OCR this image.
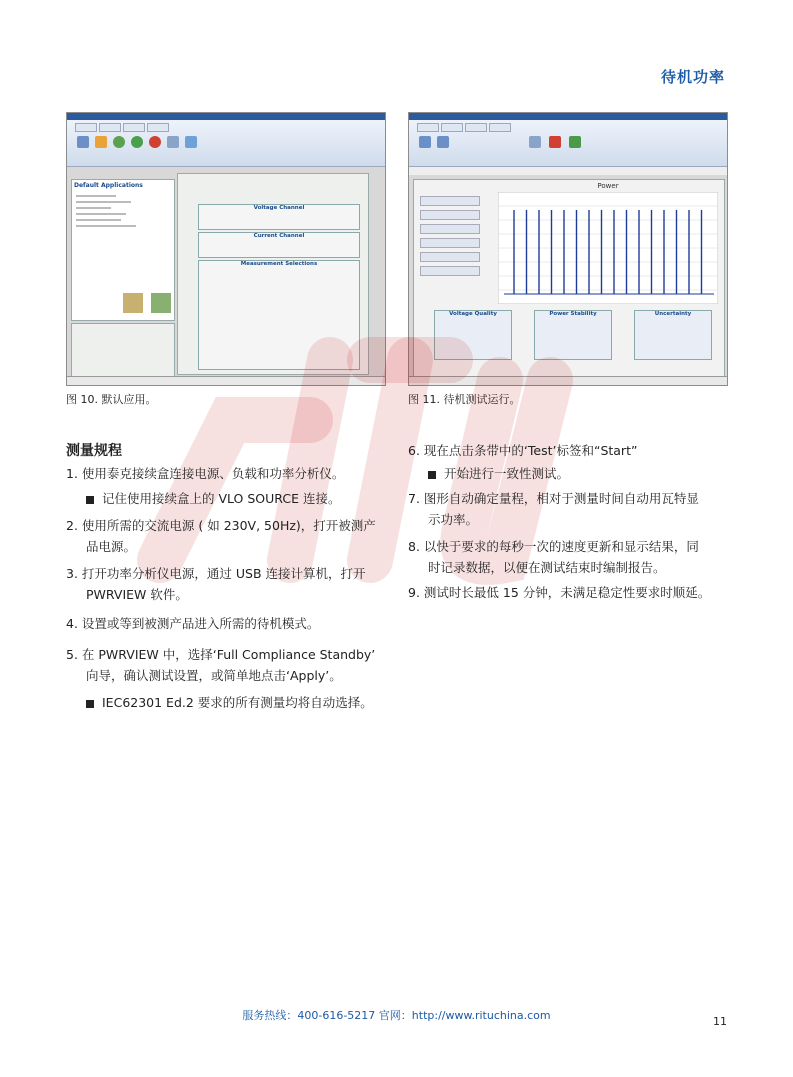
待机功率
Default Applications
Voltage Channel
Current Channel
Measurement Selections
图 10. 默认应用。
Power
Voltage Quality	Power Stability	Uncertainty
图 11. 待机测试运行。
测量规程

1. 使用泰克接续盒连接电源、负载和功率分析仪。

记住使用接续盒上的 VLO SOURCE 连接。

2. 使用所需的交流电源 ( 如 230V, 50Hz)，打开被测产

品电源。

3. 打开功率分析仪电源，通过 USB 连接计算机，打开

PWRVIEW 软件。

4. 设置或等到被测产品进入所需的待机模式。

5. 在 PWRVIEW 中，选择‘Full Compliance Standby’

向导，确认测试设置，或简单地点击‘Apply’。

IEC62301 Ed.2 要求的所有测量均将自动选择。

6. 现在点击条带中的‘Test’标签和“Start”

开始进行一致性测试。

7. 图形自动确定量程，相对于测量时间自动用瓦特显

示功率。

8. 以快于要求的每秒一次的速度更新和显示结果，同

时记录数据，以便在测试结束时编制报告。

9. 测试时长最低 15 分钟，未满足稳定性要求时顺延。

服务热线：400-616-5217 官网：http://www.rituchina.com	11
